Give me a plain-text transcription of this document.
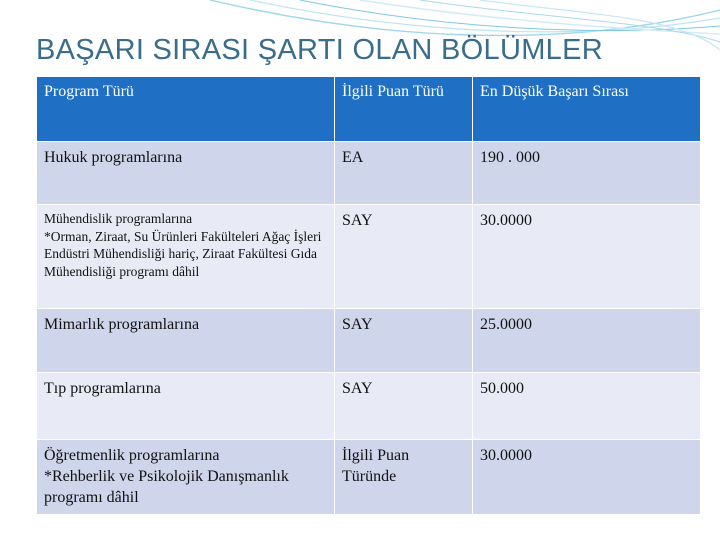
BAŞARI SIRASI ŞARTI OLAN BÖLÜMLER
Program Türü	İlgili Puan Türü	En Düşük Başarı Sırası
Hukuk programlarına	EA	190 . 000

Mühendislik programlarına
*Orman, Ziraat, Su Ürünleri Fakülteleri Ağaç İşleri Endüstri Mühendisliği hariç, Ziraat Fakültesi Gıda Mühendisliği programı dâhil	SAY	30.0000
Mimarlık programlarına	SAY	25.0000
Tıp programlarına	SAY	50.000
Öğretmenlik programlarına
*Rehberlik ve Psikolojik Danışmanlık programı dâhil	İlgili Puan Türünde	30.0000
